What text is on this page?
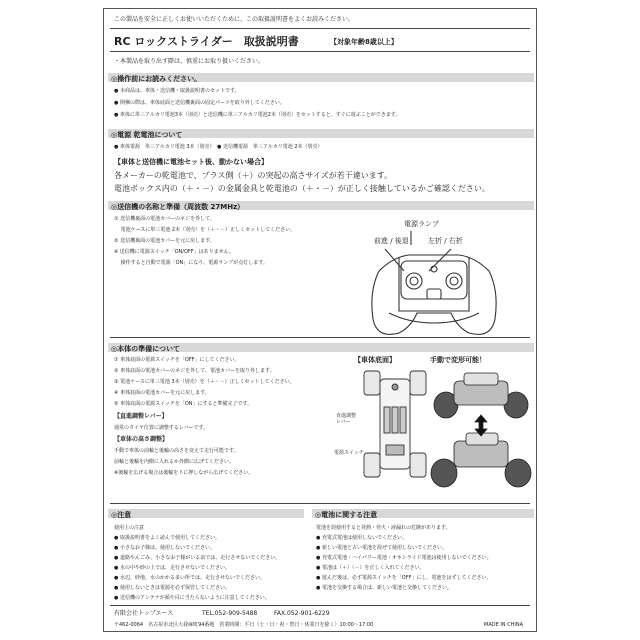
この製品を安全に正しくお使いいただくために、この取扱説明書をよくお読みください。
RC ロックストライダー　取扱説明書	【対象年齢8歳以上】
・本製品を取り出す際は、慎重にお取り扱いください。
◎操作前にお読みください。
● 本商品は、車体・送信機・取扱説明書のセットです。
● 開梱の際は、車体底面と送信機裏面の固定パーツを取り外してください。
● 車体に単三アルカリ電池3本（別売）と送信機に単三アルカリ電池2本（別売）をセットすると、すぐに遊ぶことができます。
◎電源 乾電池について
● 車体電源　単三アルカリ電池 3本（別売）　● 送信機電源　単三アルカリ電池 2本（別売）
【車体と送信機に電池セット後、動かない場合】
各メーカーの乾電池で、プラス側（＋）の突起の高さサイズが若干違います。
電池ボックス内の（＋・－）の金属金具と乾電池の（＋・－）が正しく接触しているかご確認ください。
◎送信機の名称と準備（周波数 27MHz）
① 送信機裏面の電池カバーのネジを外して、
　 電池ケースに単三電池 2本（別売）を（＋・－）正しくセットしてください。
② 送信機裏面の電池カバーを元に戻します。
※ 送信機に電源スイッチ「ON/OFF」はありません。
　 操作すると自動で電源「ON」になり、電源ランプが点灯します。
電源ランプ
前進 / 後退	左折 / 右折
◎本体の準備について
① 車体底面の電源スイッチを「OFF」にしてください。
② 車体底面の電池カバーのネジを外して、電池カバーを取り外します。
③ 電池ケースに単三電池 3本（別売）を（＋・－）正しくセットしてください。
④ 車体底面の電池カバーを元に戻します。
⑤ 車体底面の電源スイッチを「ON」にすると準備完了です。
【直進調整レバー】
通常のタイヤ位置に調整するレバーです。
【車体の高さ調整】
手動で車体の前輪と後輪の高さを変えて走行可能です。
前輪と後輪を内側に入れるか外側に広げてください。
※後輪を広げる場合は後輪を下に押しながら広げてください。
【車体底面】
直進調整
レバー
電源スイッチ
手動で変形可能！
◎注意	◎電池に関する注意
使用上の注意
● 取扱説明書をよく読んで使用してください。
● 小さなお子様は、使用しないでください。
● 道路やんごみ、小さなお子様がいる前では、走行させないでください。
● 水の中や砂の上では、走行させないでください。
● 水辺、砂地、水のかかる多い所では、走行させないでください。
● 使用しないときは電源を必ず保管してください。
● 送信機のアンテナが顔や目に当たらないように注意してください。
電池を誤使用すると発熱・発火・液漏れの危険があります。
● 充電式電池は使用しないでください。
● 新しい電池と古い電池を混ぜて使用しないでください。
● 充電式電池・ハイパワー電池・オキシライド電池は使用しないでください。
● 電池は（＋）（－）を正しく入れてください。
● 遊んだ後は、必ず電源スイッチを「OFF」にし、電池をはずしてください。
● 電池を交換する場合は、新しい電池と交換してください。
有限会社トップエース	TEL.052-909-5488	FAX.052-901-6229
〒462-0064　名古屋市北区大我麻町94番地　営業時間：平日（土・日・祝・祭日・休業日を除く）10:00～17:00	MADE IN CHINA
